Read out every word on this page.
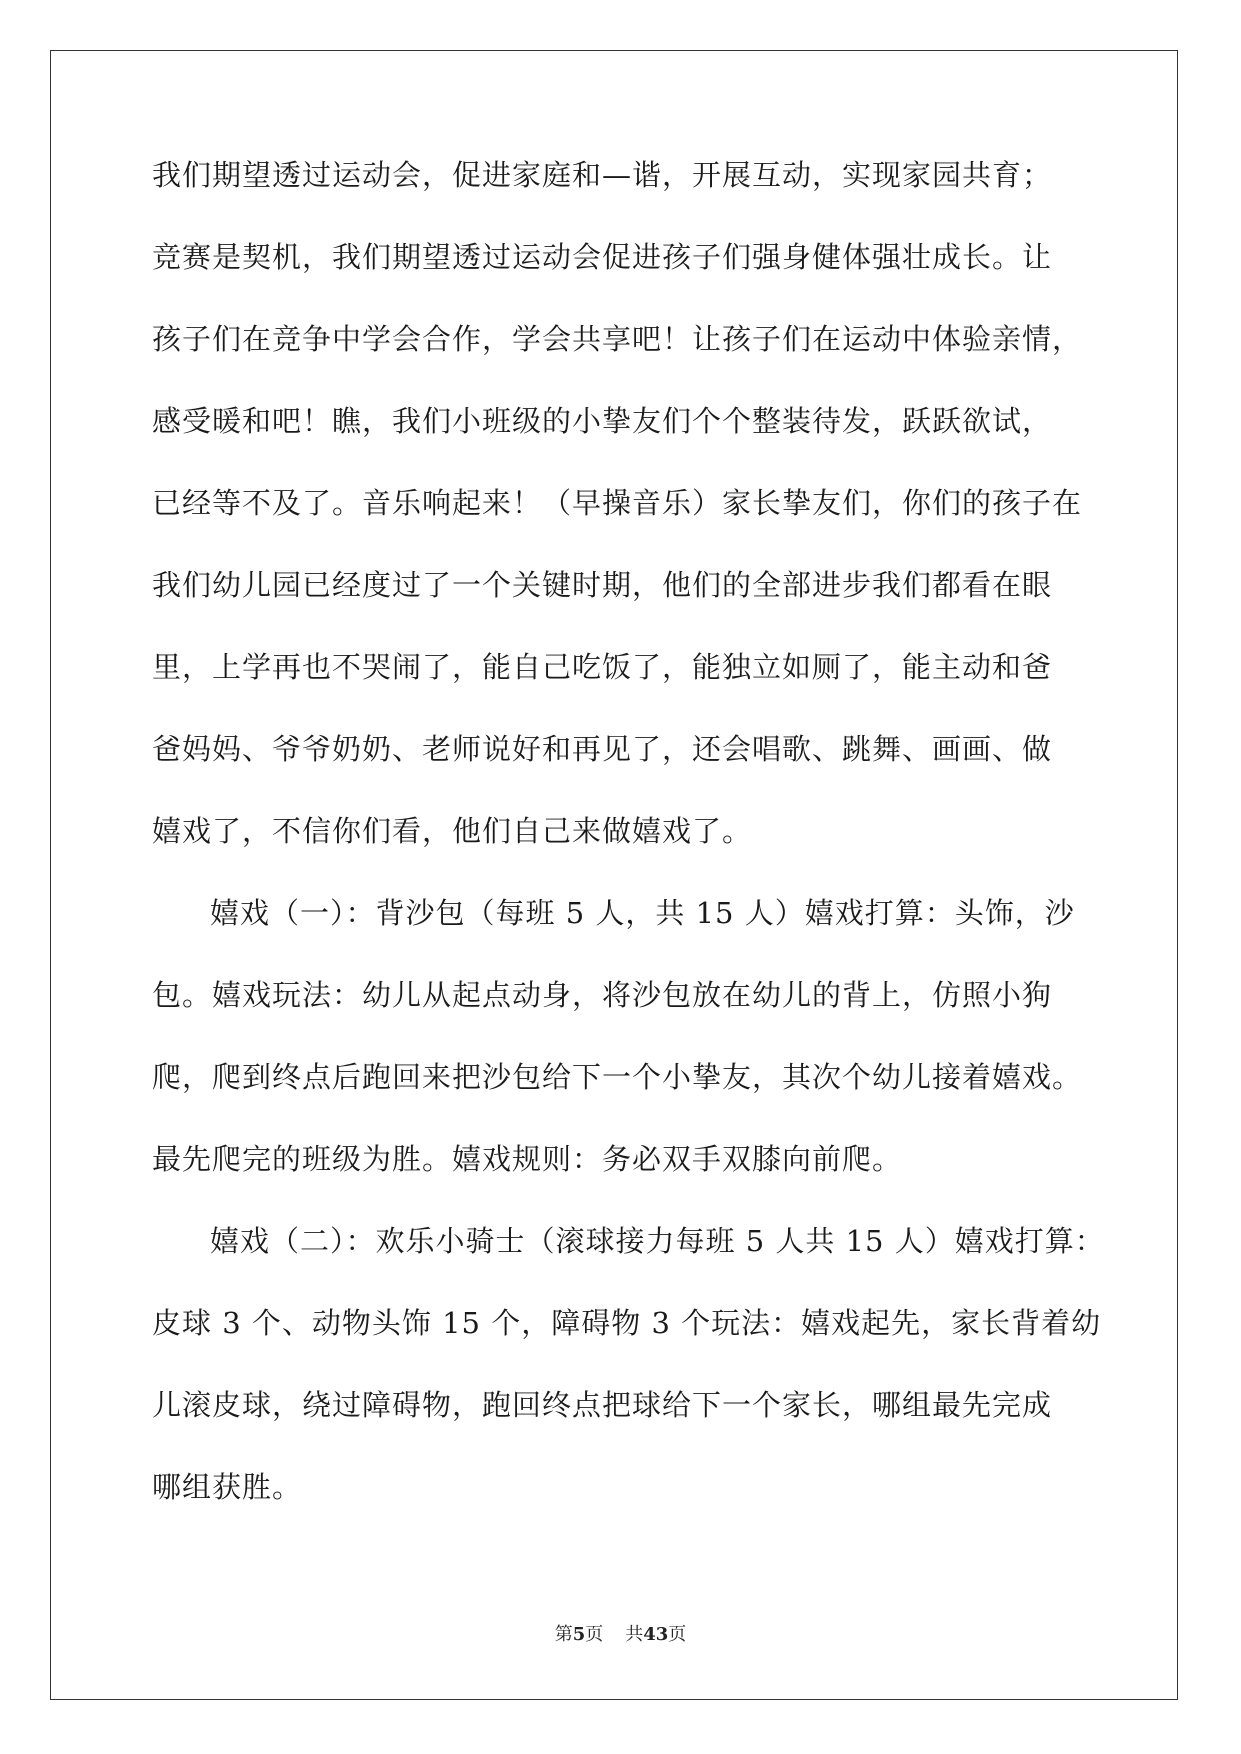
我们期望透过运动会，促进家庭和—谐，开展互动，实现家园共育；
竞赛是契机，我们期望透过运动会促进孩子们强身健体强壮成长。让
孩子们在竞争中学会合作，学会共享吧！让孩子们在运动中体验亲情，
感受暖和吧！瞧，我们小班级的小挚友们个个整装待发，跃跃欲试，
已经等不及了。音乐响起来！（早操音乐）家长挚友们，你们的孩子在
我们幼儿园已经度过了一个关键时期，他们的全部进步我们都看在眼
里，上学再也不哭闹了，能自己吃饭了，能独立如厕了，能主动和爸
爸妈妈、爷爷奶奶、老师说好和再见了，还会唱歌、跳舞、画画、做
嬉戏了，不信你们看，他们自己来做嬉戏了。
嬉戏（一）：背沙包（每班 5 人，共 15 人）嬉戏打算：头饰，沙
包。嬉戏玩法：幼儿从起点动身，将沙包放在幼儿的背上，仿照小狗
爬，爬到终点后跑回来把沙包给下一个小挚友，其次个幼儿接着嬉戏。
最先爬完的班级为胜。嬉戏规则：务必双手双膝向前爬。
嬉戏（二）：欢乐小骑士（滚球接力每班 5 人共 15 人）嬉戏打算：
皮球 3 个、动物头饰 15 个，障碍物 3 个玩法：嬉戏起先，家长背着幼
儿滚皮球，绕过障碍物，跑回终点把球给下一个家长，哪组最先完成
哪组获胜。
第5页 共43页
